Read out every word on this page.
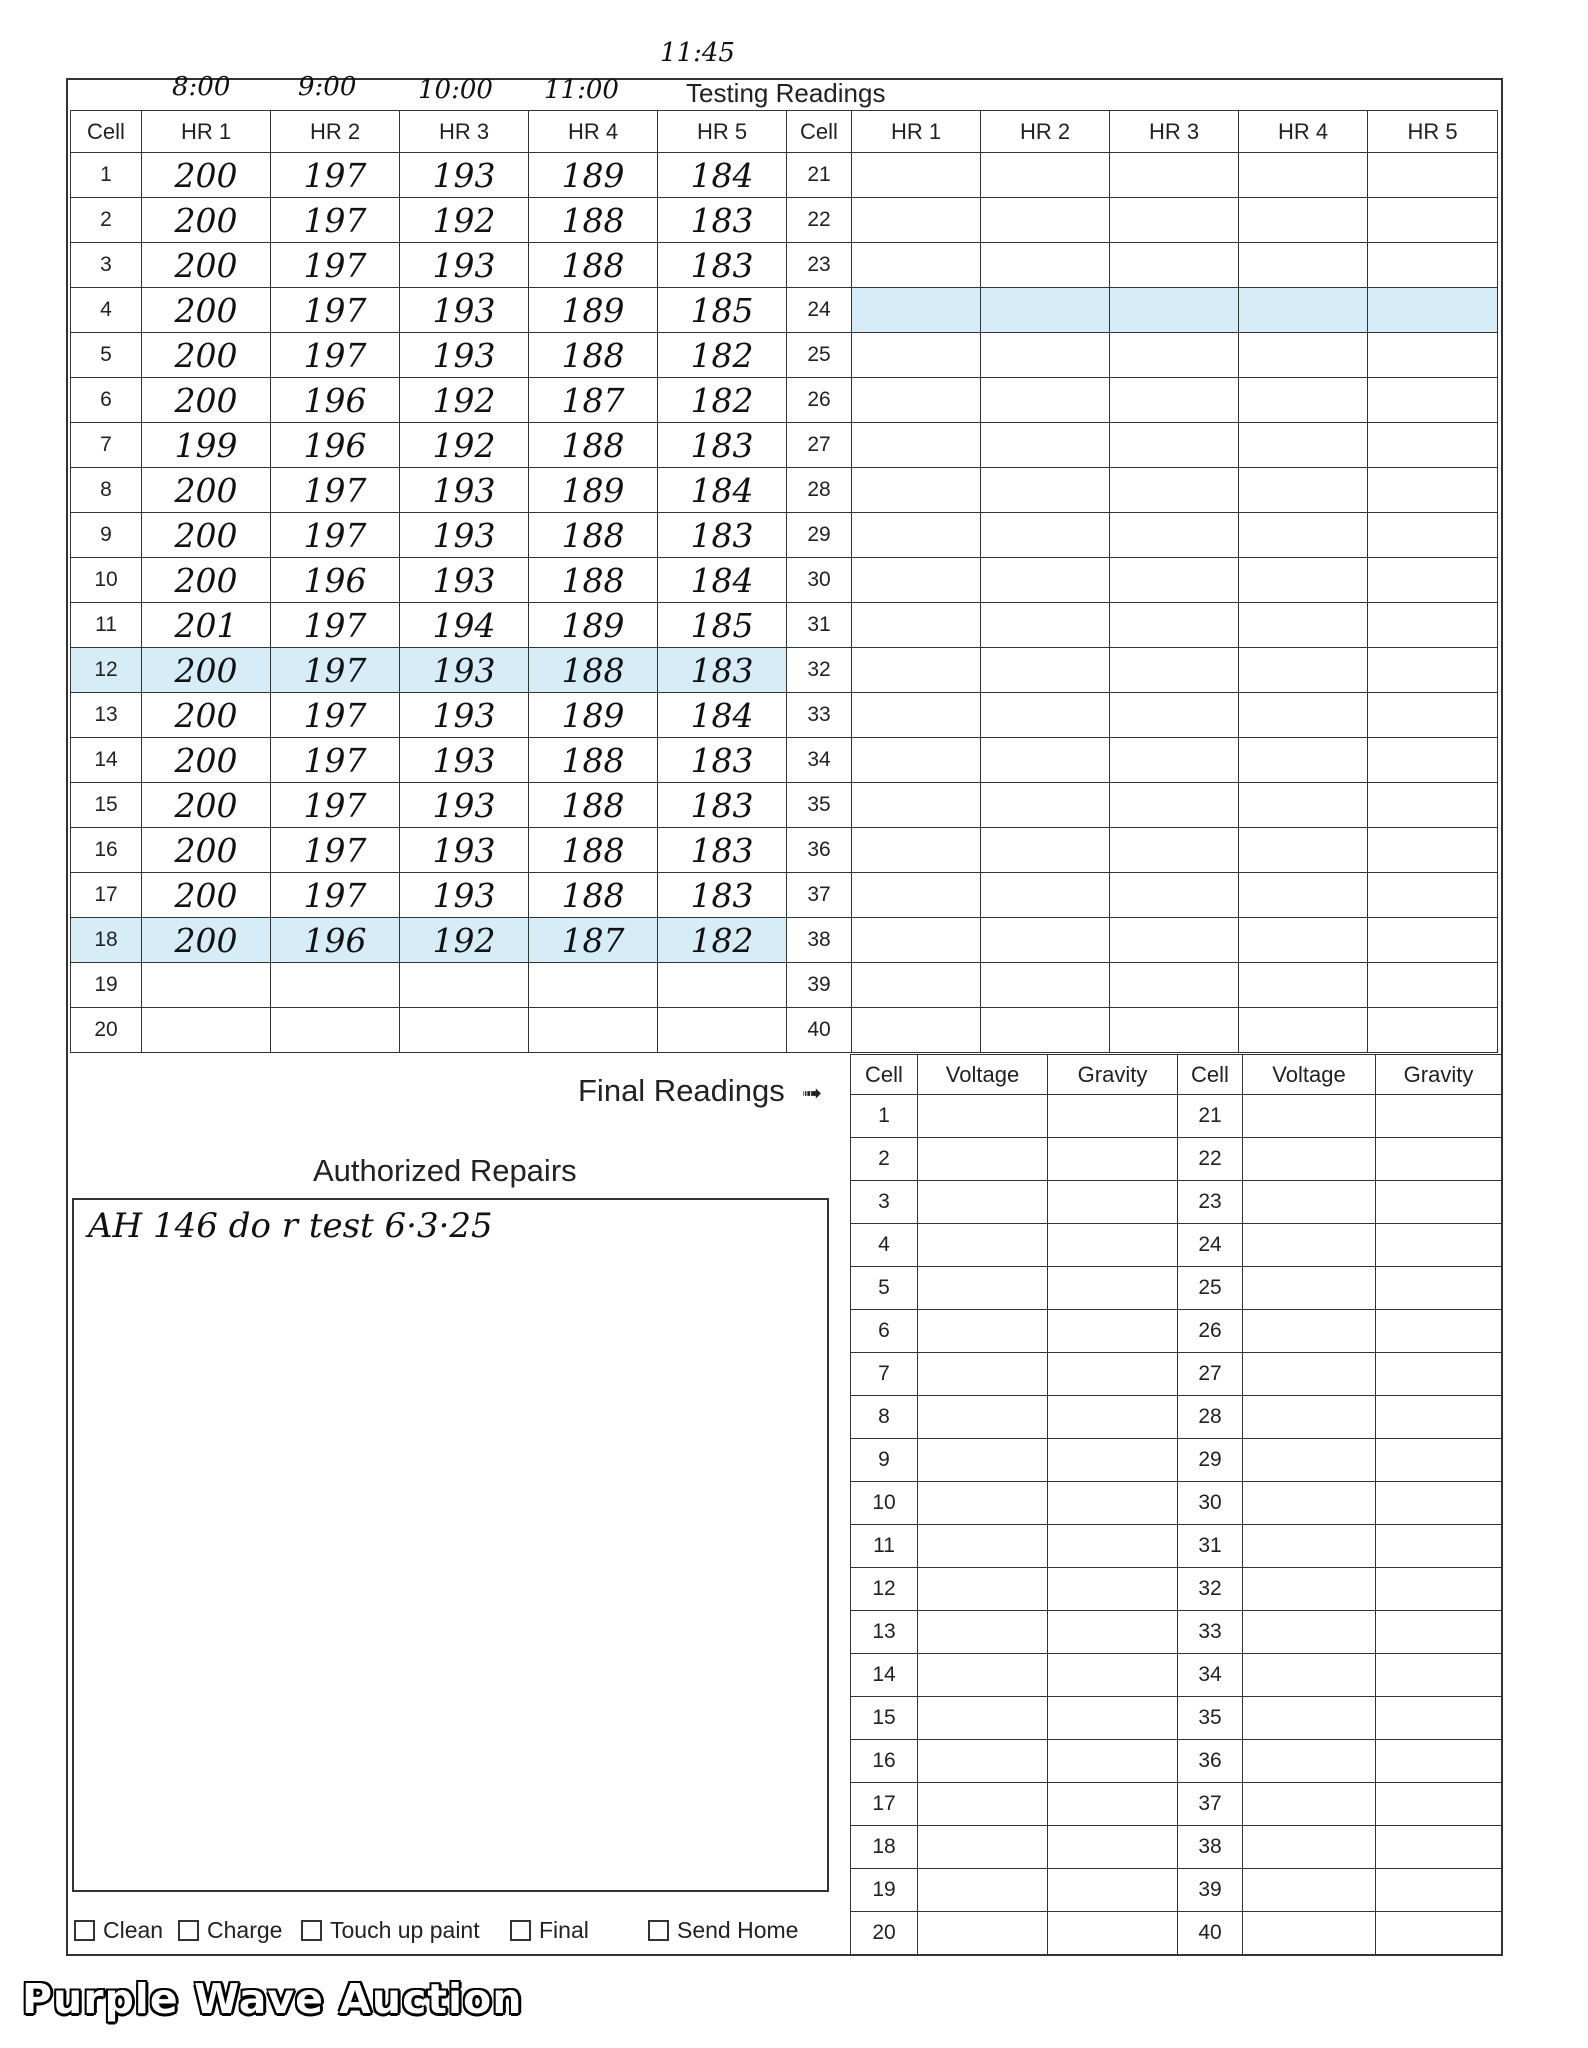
8:00	9:00 10:00 11:00
11:45
Testing Readings
Cell	HR 1	HR 2	HR 3	HR 4	HR 5	Cell	HR 1	HR 2	HR 3	HR 4	HR 5
1	200	197	193	189	184	21					
2	200	197	192	188	183	22					
3	200	197	193	188	183	23					
4	200	197	193	189	185	24					
5	200	197	193	188	182	25					
6	200	196	192	187	182	26					
7	199	196	192	188	183	27					
8	200	197	193	189	184	28					
9	200	197	193	188	183	29					
10	200	196	193	188	184	30					
11	201	197	194	189	185	31					
12	200	197	193	188	183	32					
13	200	197	193	189	184	33					
14	200	197	193	188	183	34					
15	200	197	193	188	183	35					
16	200	197	193	188	183	36					
17	200	197	193	188	183	37					
18	200	196	192	187	182	38					
19						39					
20						40					
Final Readings ➟
Cell	Voltage	Gravity	Cell	Voltage	Gravity
1			21		
2			22		
3			23		
4			24		
5			25		
6			26		
7			27		
8			28		
9			29		
10			30		
11			31		
12			32		
13			33		
14			34		
15			35		
16			36		
17			37		
18			38		
19			39		
20			40		
Authorized Repairs
AH 146 do r test 6·3·25
Clean Charge Touch up paint	Final	Send Home
Purple Wave Auction
